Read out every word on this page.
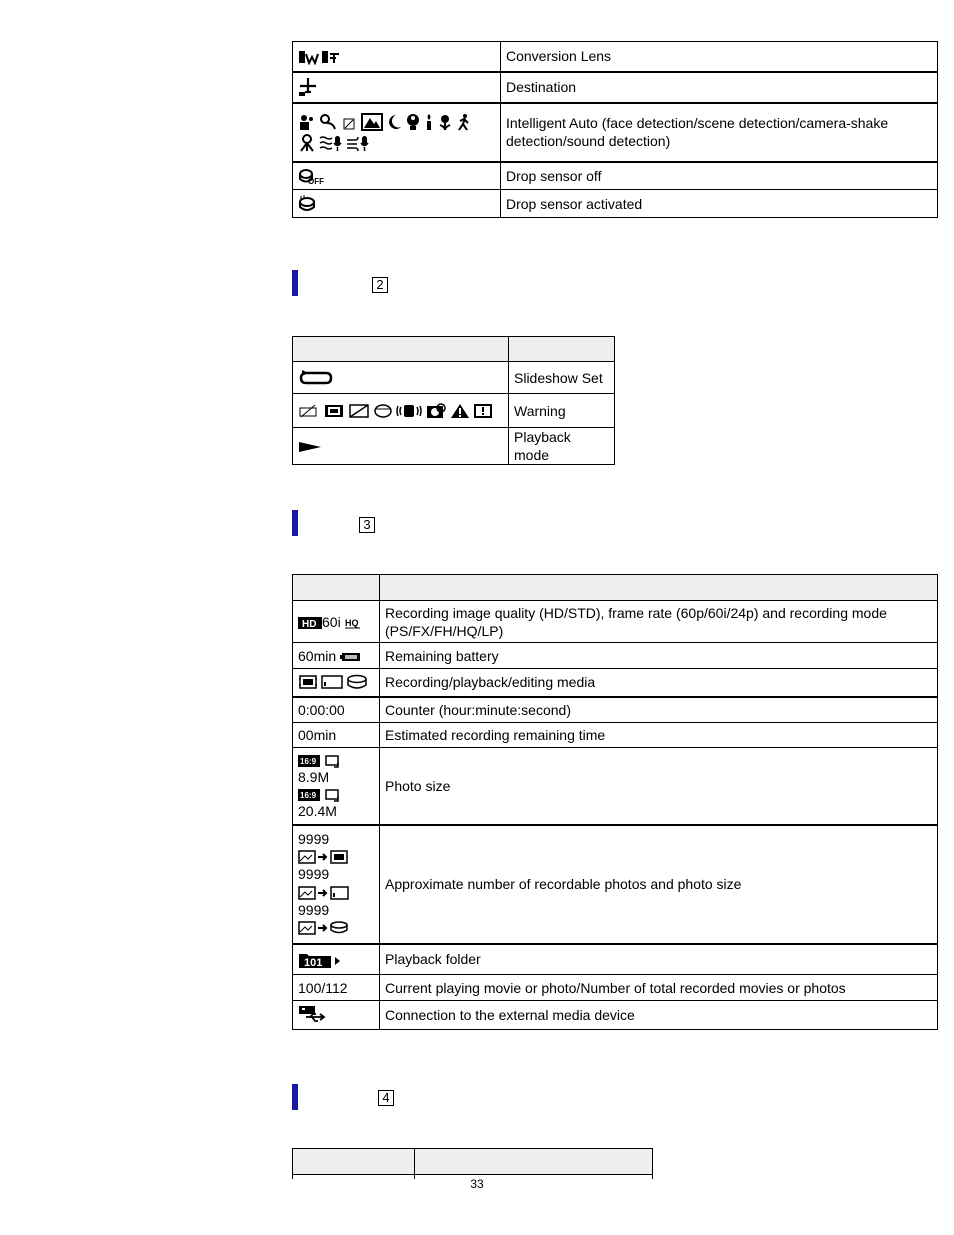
	Conversion Lens

	Destination

	Intelligent Auto (face detection/scene detection/camera-shake detection/sound detection)

OFF	Drop sensor off

	Drop sensor activated
2

	Slideshow Set

	Warning

	Playback mode
3

HD 60i HQ	Recording image quality (HD/STD), frame rate (60p/60i/24p) and recording mode (PS/FX/FH/HQ/LP)
60min	Remaining battery

	Recording/playback/editing media
0:00:00	Counter (hour:minute:second)
00min	Estimated recording remaining time

16:9
8.9M
16:9
20.4M	Photo size

9999
9999
9999	Approximate number of recordable photos and photo size

101	Playback folder
100/112	Current playing movie or photo/Number of total recorded movies or photos

	Connection to the external media device
4

33
